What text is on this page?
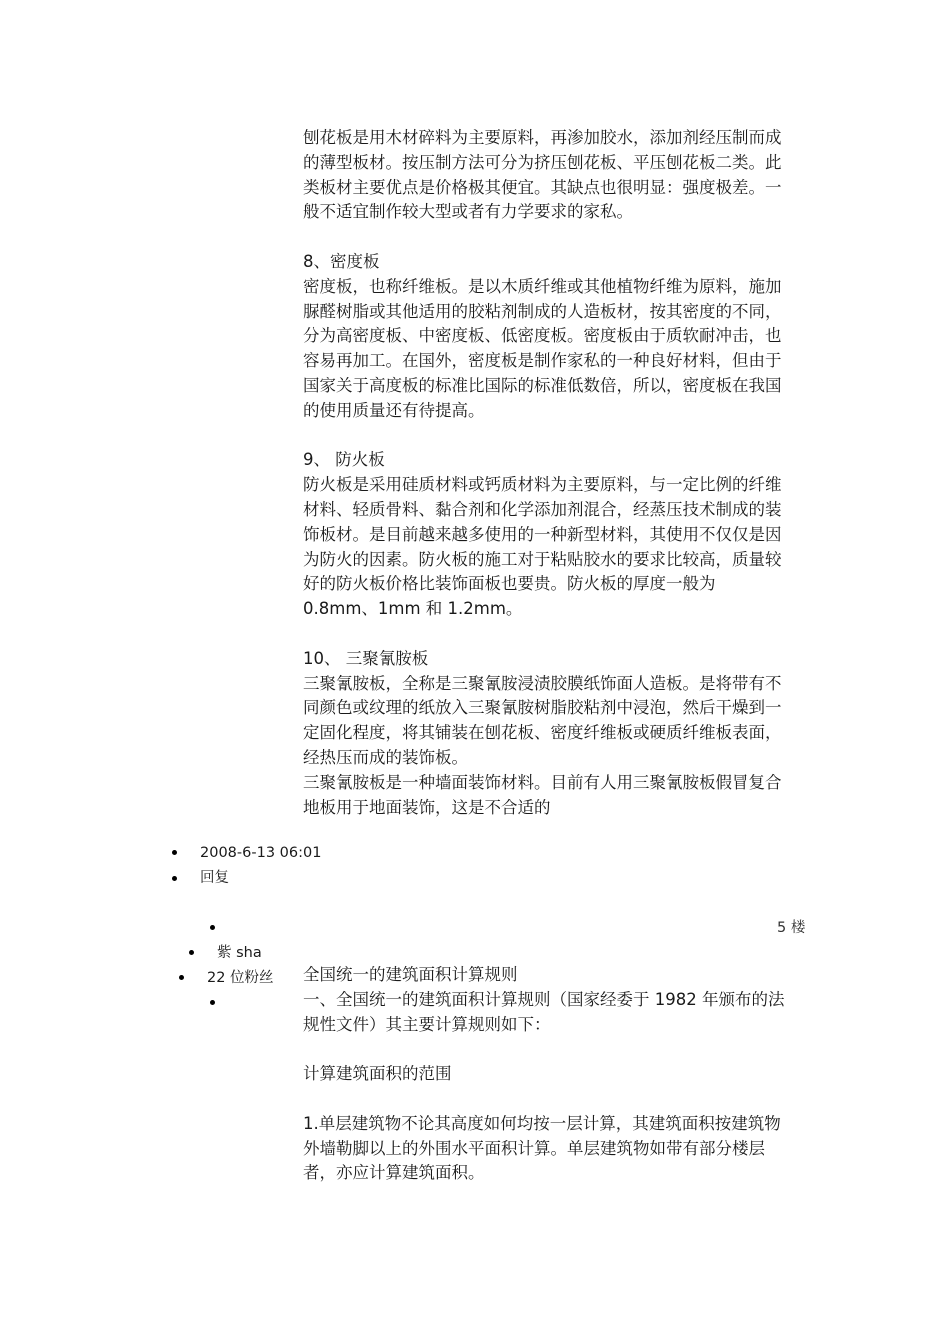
刨花板是用木材碎料为主要原料，再渗加胶水，添加剂经压制而成的薄型板材。按压制方法可分为挤压刨花板、平压刨花板二类。此类板材主要优点是价格极其便宜。其缺点也很明显：强度极差。一般不适宜制作较大型或者有力学要求的家私。

8、密度板

密度板，也称纤维板。是以木质纤维或其他植物纤维为原料，施加脲醛树脂或其他适用的胶粘剂制成的人造板材，按其密度的不同，分为高密度板、中密度板、低密度板。密度板由于质软耐冲击，也容易再加工。在国外，密度板是制作家私的一种良好材料，但由于国家关于高度板的标准比国际的标准低数倍，所以，密度板在我国的使用质量还有待提高。

9、 防火板

防火板是采用硅质材料或钙质材料为主要原料，与一定比例的纤维材料、轻质骨料、黏合剂和化学添加剂混合，经蒸压技术制成的装饰板材。是目前越来越多使用的一种新型材料，其使用不仅仅是因为防火的因素。防火板的施工对于粘贴胶水的要求比较高，质量较好的防火板价格比装饰面板也要贵。防火板的厚度一般为 0.8mm、1mm 和 1.2mm。

10、 三聚氰胺板

三聚氰胺板，全称是三聚氰胺浸渍胶膜纸饰面人造板。是将带有不同颜色或纹理的纸放入三聚氰胺树脂胶粘剂中浸泡，然后干燥到一定固化程度，将其铺装在刨花板、密度纤维板或硬质纤维板表面，经热压而成的装饰板。

三聚氰胺板是一种墙面装饰材料。目前有人用三聚氰胺板假冒复合地板用于地面装饰，这是不合适的

2008-6-13 06:01
回复
5 楼
紫 sha
22 位粉丝 全国统一的建筑面积计算规则

一、全国统一的建筑面积计算规则（国家经委于 1982 年颁布的法规性文件）其主要计算规则如下：

计算建筑面积的范围

1.单层建筑物不论其高度如何均按一层计算，其建筑面积按建筑物外墙勒脚以上的外围水平面积计算。单层建筑物如带有部分楼层者，亦应计算建筑面积。
